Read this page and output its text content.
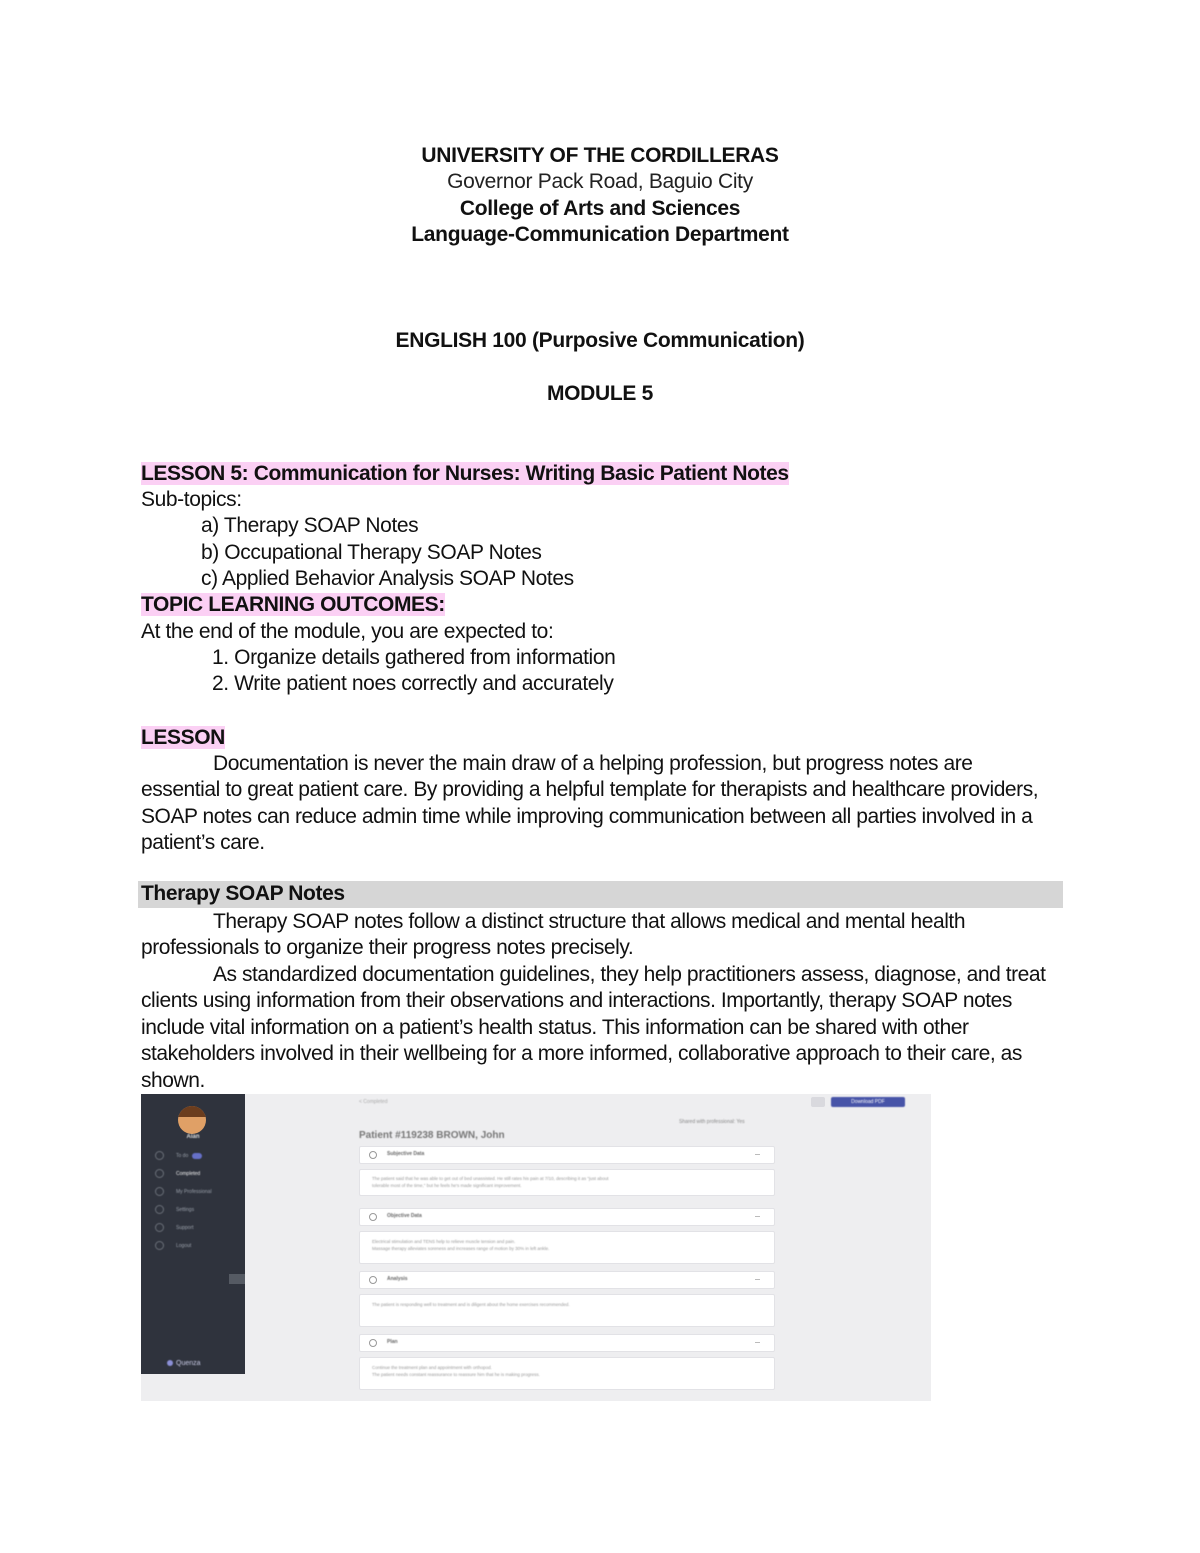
UNIVERSITY OF THE CORDILLERAS
Governor Pack Road, Baguio City
College of Arts and Sciences
Language-Communication Department
ENGLISH 100 (Purposive Communication)
MODULE 5
LESSON 5: Communication for Nurses: Writing Basic Patient Notes
Sub-topics:
a) Therapy SOAP Notes
b) Occupational Therapy SOAP Notes
c) Applied Behavior Analysis SOAP Notes
TOPIC LEARNING OUTCOMES:
At the end of the module, you are expected to:
1. Organize details gathered from information
2. Write patient noes correctly and accurately
LESSON
Documentation is never the main draw of a helping profession, but progress notes are essential to great patient care. By providing a helpful template for therapists and healthcare providers, SOAP notes can reduce admin time while improving communication between all parties involved in a patient’s care.
Therapy SOAP Notes
Therapy SOAP notes follow a distinct structure that allows medical and mental health professionals to organize their progress notes precisely.
As standardized documentation guidelines, they help practitioners assess, diagnose, and treat clients using information from their observations and interactions. Importantly, therapy SOAP notes include vital information on a patient’s health status. This information can be shared with other stakeholders involved in their wellbeing for a more informed, collaborative approach to their care, as shown.
Alan
To do
Completed
My Professional
Settings
Support
Logout
Quenza
< Completed	Download PDF
Shared with professional: Yes
Patient #119238 BROWN, John
Subjective Data
The patient said that he was able to get out of bed unassisted. He still rates his pain at 7/10, describing it as "just about
tolerable most of the time," but he feels he's made significant improvement.
Objective Data
Electrical stimulation and TENS help to relieve muscle tension and pain.
Massage therapy alleviates soreness and increases range of motion by 30% in left ankle.
Analysis
The patient is responding well to treatment and is diligent about the home exercises recommended.
Plan
Continue the treatment plan and appointment with orthopod.
The patient needs constant reassurance to reassure him that he is making progress.
